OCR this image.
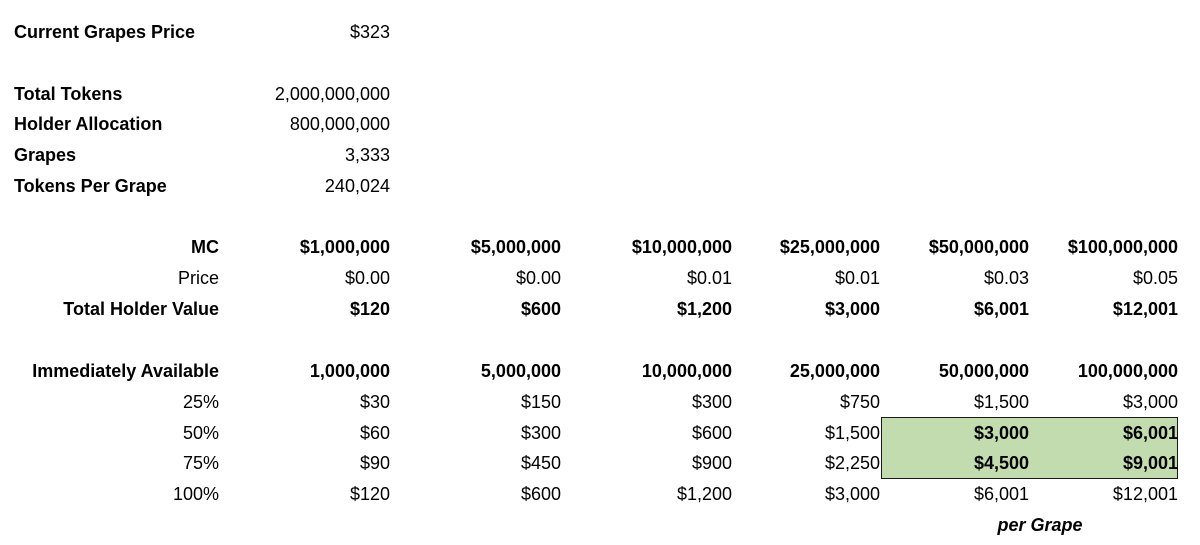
Current Grapes Price	$323
Total Tokens	2,000,000,000
Holder Allocation	800,000,000
Grapes	3,333
Tokens Per Grape	240,024
MC	$1,000,000	$5,000,000	$10,000,000	$25,000,000	$50,000,000	$100,000,000
Price	$0.00	$0.00	$0.01	$0.01	$0.03	$0.05
Total Holder Value	$120	$600	$1,200	$3,000	$6,001	$12,001
Immediately Available	1,000,000	5,000,000	10,000,000	25,000,000	50,000,000	100,000,000
25%	$30	$150	$300	$750	$1,500	$3,000
50%	$60	$300	$600	$1,500	$3,000	$6,001
75%	$90	$450	$900	$2,250	$4,500	$9,001
100%	$120	$600	$1,200	$3,000	$6,001	$12,001
per Grape
